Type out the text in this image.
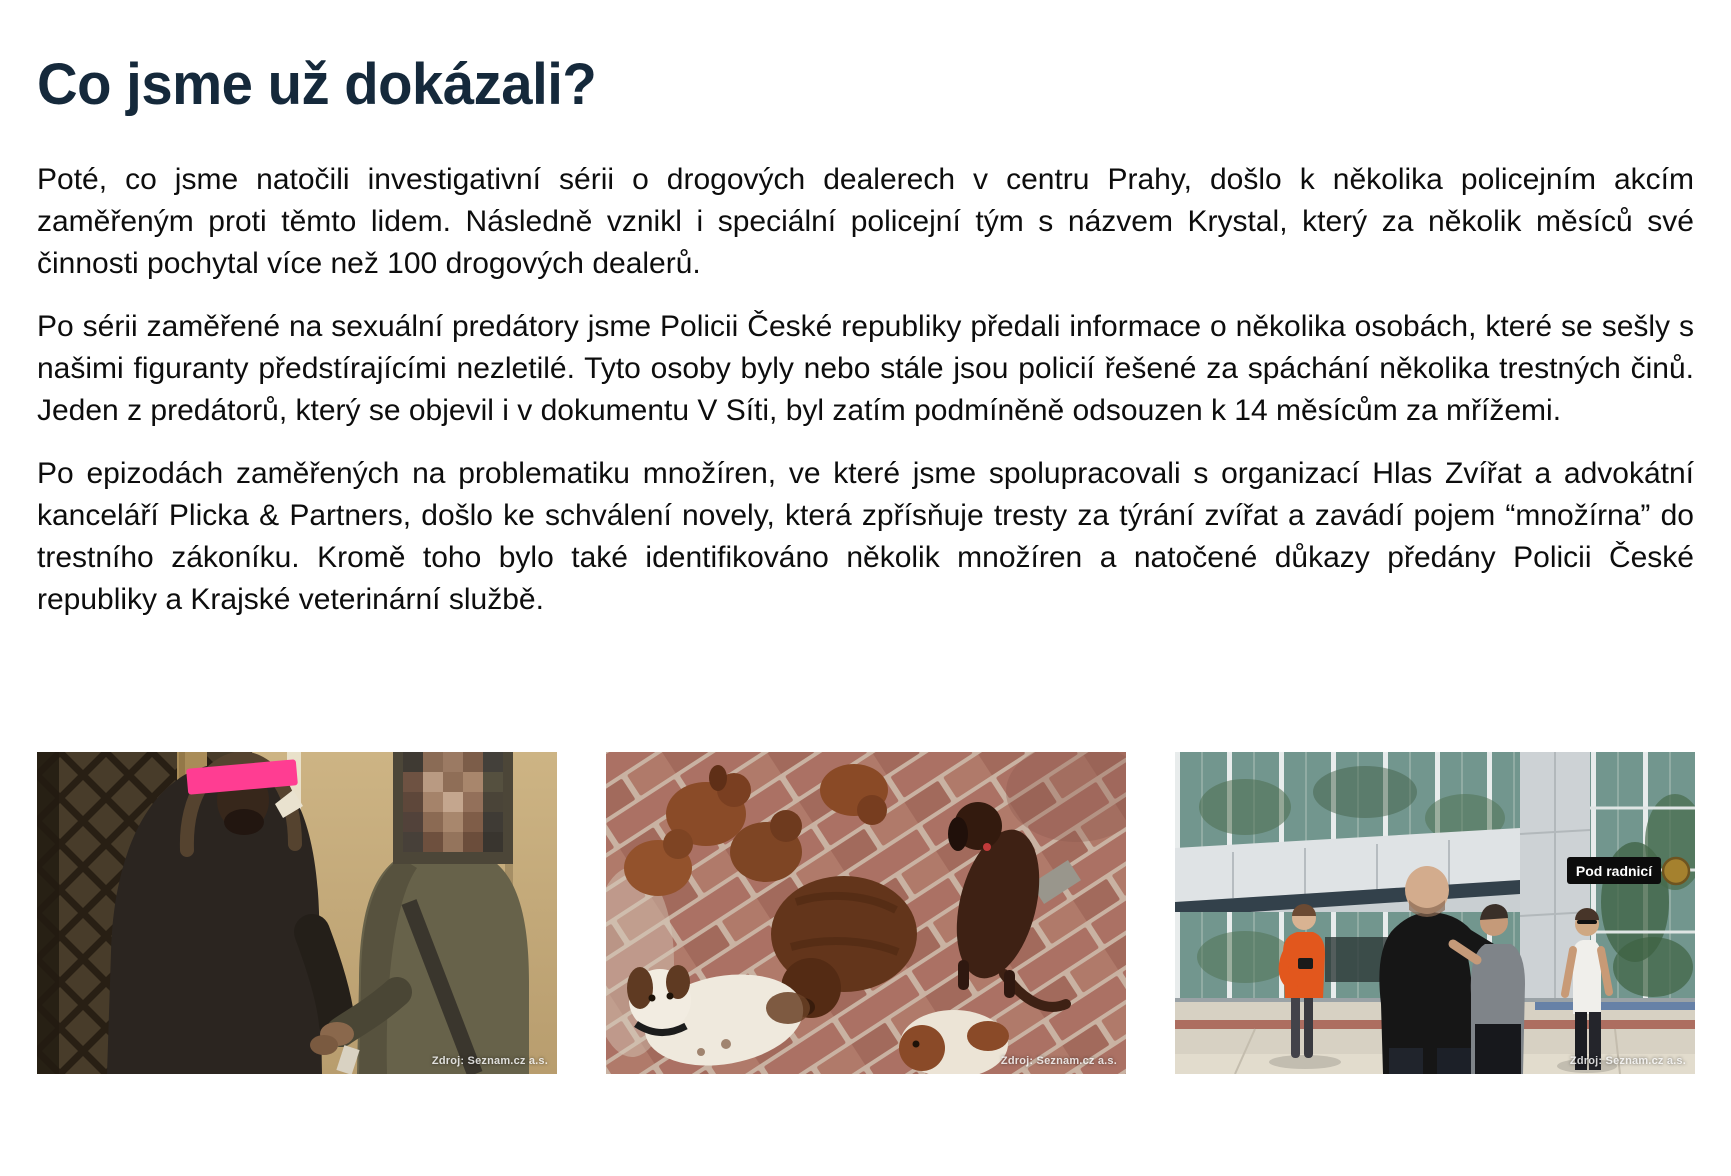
Co jsme už dokázali?

Poté, co jsme natočili investigativní sérii o drogových dealerech v centru Prahy, došlo k několika policejním akcím zaměřeným proti těmto lidem. Následně vznikl i speciální policejní tým s názvem Krystal, který za několik měsíců své činnosti pochytal více než 100 drogových dealerů.

Po sérii zaměřené na sexuální predátory jsme Policii České republiky předali informace o několika osobách, které se sešly s našimi figuranty předstírajícími nezletilé. Tyto osoby byly nebo stále jsou policií řešené za spáchání několika trestných činů. Jeden z predátorů, který se objevil i v dokumentu V Síti, byl zatím podmíněně odsouzen k 14 měsícům za mřížemi.

Po epizodách zaměřených na problematiku množíren, ve které jsme spolupracovali s organizací Hlas Zvířat a advokátní kanceláří Plicka & Partners, došlo ke schválení novely, která zpřísňuje tresty za týrání zvířat a zavádí pojem “množírna” do trestního zákoníku. Kromě toho bylo také identifikováno několik množíren a natočené důkazy předány Policii České republiky a Krajské veterinární službě.

Zdroj: Seznam.cz a.s.	Zdroj: Seznam.cz a.s.
Pod radnicí
Zdroj: Seznam.cz a.s.
